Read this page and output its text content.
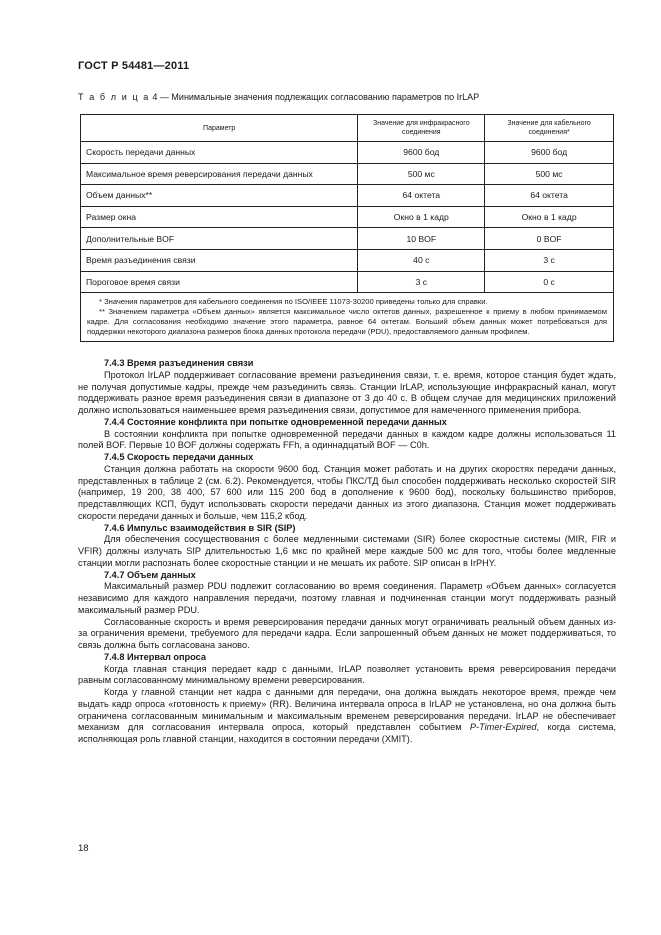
ГОСТ Р 54481—2011
Т а б л и ц а 4 — Минимальные значения подлежащих согласованию параметров по IrLAP
Параметр	Значение для инфракрасного соединения	Значение для кабельного соединения*
Скорость передачи данных	9600 бод	9600 бод
Максимальное время реверсирования передачи данных	500 мс	500 мс
Объем данных**	64 октета	64 октета
Размер окна	Окно в 1 кадр	Окно в 1 кадр
Дополнительные BOF	10 BOF	0 BOF
Время разъединения связи	40 с	3 с
Пороговое время связи	3 с	0 с

* Значения параметров для кабельного соединения по ISO/IEEE 11073-30200 приведены только для справки.

** Значением параметра «Объем данных» является максимальное число октетов данных, разрешенное к приему в любом принимаемом кадре. Для согласования необходимо значение этого параметра, равное 64 октетам. Больший объем данных может потребоваться для поддержки некоторого диапазона размеров блока данных протокола передачи (PDU), предоставляемого данным профилем.		

7.4.3 Время разъединения связи

Протокол IrLAP поддерживает согласование времени разъединения связи, т. е. время, которое станция будет ждать, не получая допустимые кадры, прежде чем разъединить связь. Станции IrLAP, использующие инфракрасный канал, могут поддерживать разное время разъединения связи в диапазоне от 3 до 40 с. В общем случае для медицинских приложений должно использоваться наименьшее время разъединения связи, допустимое для намеченного применения прибора.

7.4.4 Состояние конфликта при попытке одновременной передачи данных

В состоянии конфликта при попытке одновременной передачи данных в каждом кадре должны использоваться 11 полей BOF. Первые 10 BOF должны содержать FFh, а одиннадцатый BOF — C0h.

7.4.5 Скорость передачи данных

Станция должна работать на скорости 9600 бод. Станция может работать и на других скоростях передачи данных, представленных в таблице 2 (см. 6.2). Рекомендуется, чтобы ПКС/ТД был способен поддерживать несколько скоростей SIR (например, 19 200, 38 400, 57 600 или 115 200 бод в дополнение к 9600 бод), поскольку большинство приборов, представляющих КСП, будут использовать скорости передачи данных из этого диапазона. Станция может поддерживать скорости передачи данных и больше, чем 115,2 кбод.

7.4.6 Импульс взаимодействия в SIR (SIP)

Для обеспечения сосуществования с более медленными системами (SIR) более скоростные системы (MIR, FIR и VFIR) должны излучать SIP длительностью 1,6 мкс по крайней мере каждые 500 мс для того, чтобы более медленные станции могли распознать более скоростные станции и не мешать их работе. SIP описан в IrPHY.

7.4.7 Объем данных

Максимальный размер PDU подлежит согласованию во время соединения. Параметр «Объем данных» согласуется независимо для каждого направления передачи, поэтому главная и подчиненная станции могут поддерживать разный максимальный размер PDU.

Согласованные скорость и время реверсирования передачи данных могут ограничивать реальный объем данных из-за ограничения времени, требуемого для передачи кадра. Если запрошенный объем данных не может поддерживаться, то связь должна быть согласована заново.

7.4.8 Интервал опроса

Когда главная станция передает кадр с данными, IrLAP позволяет установить время реверсирования передачи равным согласованному минимальному времени реверсирования.

Когда у главной станции нет кадра с данными для передачи, она должна выждать некоторое время, прежде чем выдать кадр опроса «готовность к приему» (RR). Величина интервала опроса в IrLAP не установлена, но она должна быть ограничена согласованным минимальным и максимальным временем реверсирования передачи. IrLAP не обеспечивает механизм для согласования интервала опроса, который представлен событием P-Timer-Expired, когда система, исполняющая роль главной станции, находится в состоянии передачи (XMIT).

18
